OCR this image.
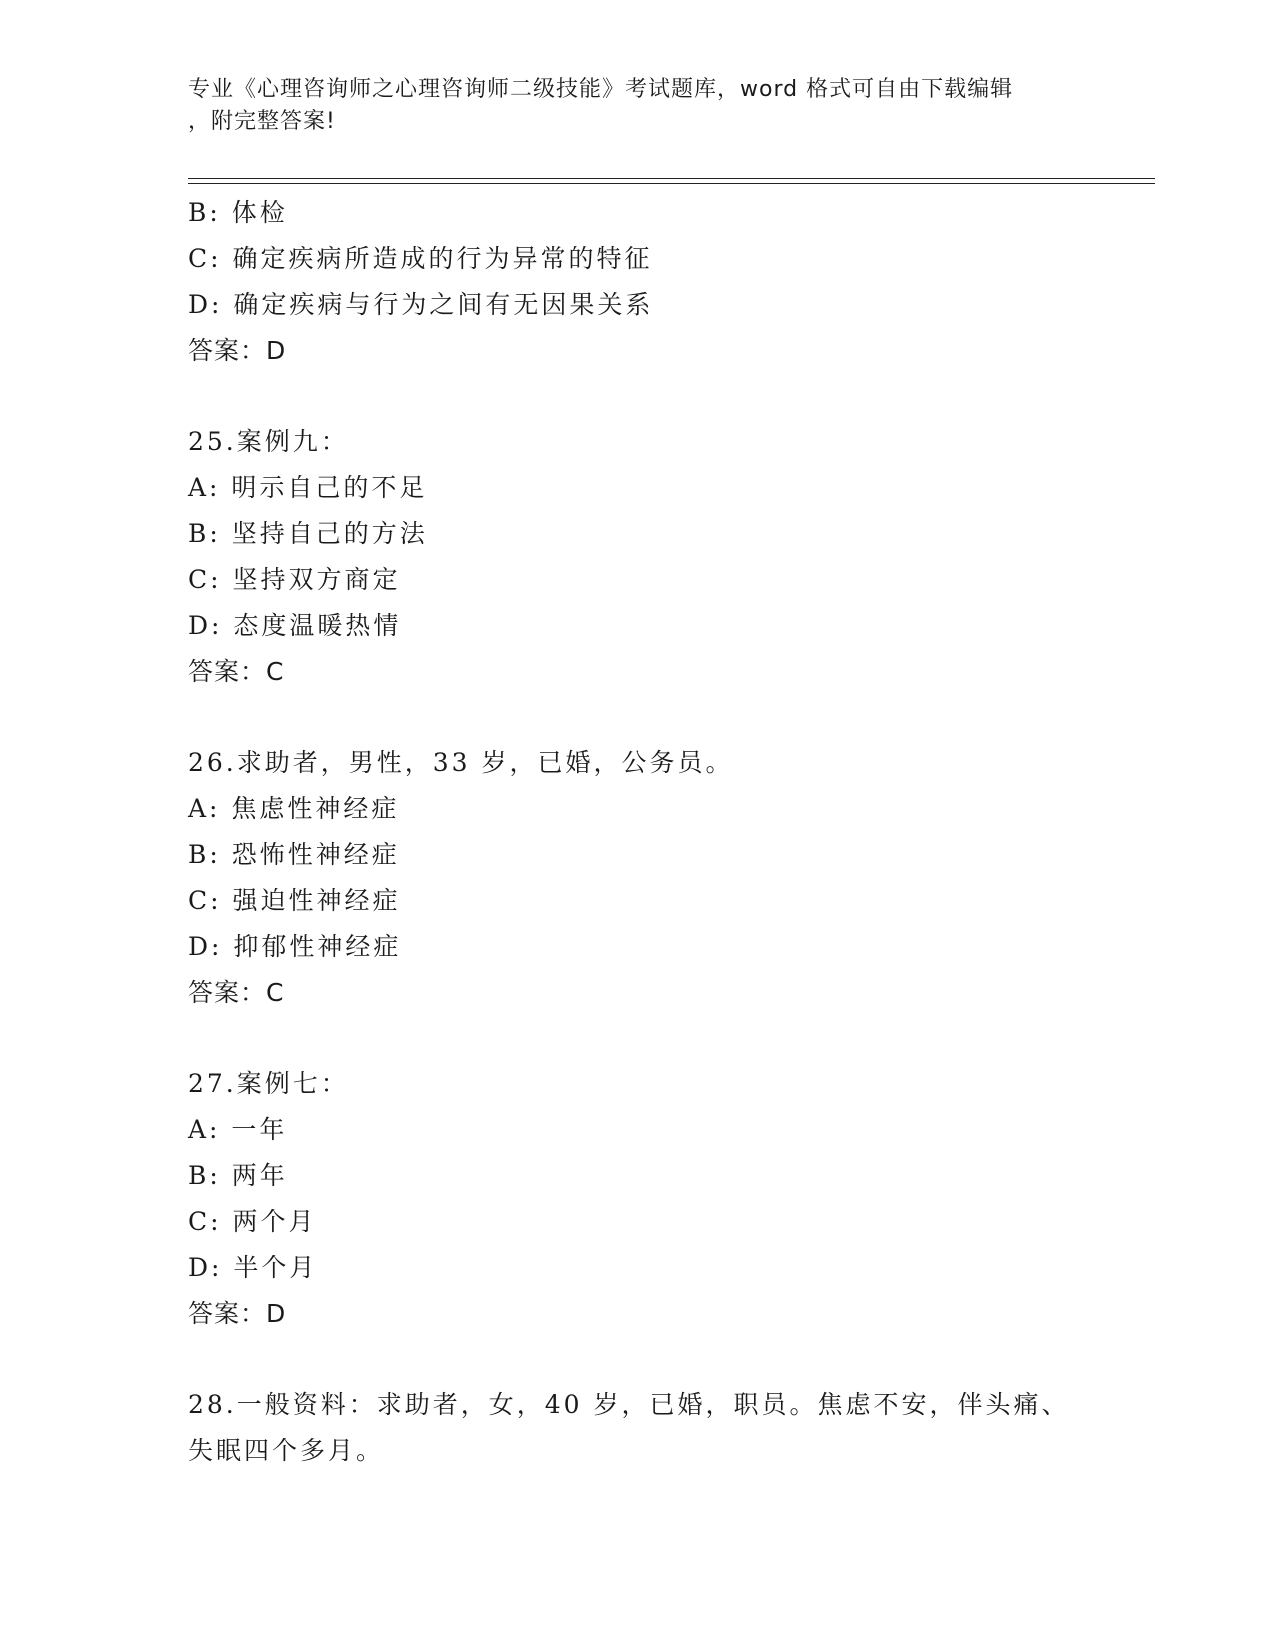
专业《心理咨询师之心理咨询师二级技能》考试题库，word 格式可自由下载编辑
，附完整答案!
B: 体检
C: 确定疾病所造成的行为异常的特征
D: 确定疾病与行为之间有无因果关系
答案：D
25.案例九：
A: 明示自己的不足
B: 坚持自己的方法
C: 坚持双方商定
D: 态度温暖热情
答案：C
26.求助者，男性，33 岁，已婚，公务员。
A: 焦虑性神经症
B: 恐怖性神经症
C: 强迫性神经症
D: 抑郁性神经症
答案：C
27.案例七：
A: 一年
B: 两年
C: 两个月
D: 半个月
答案：D
28.一般资料：求助者，女，40 岁，已婚，职员。焦虑不安，伴头痛、
失眠四个多月。
